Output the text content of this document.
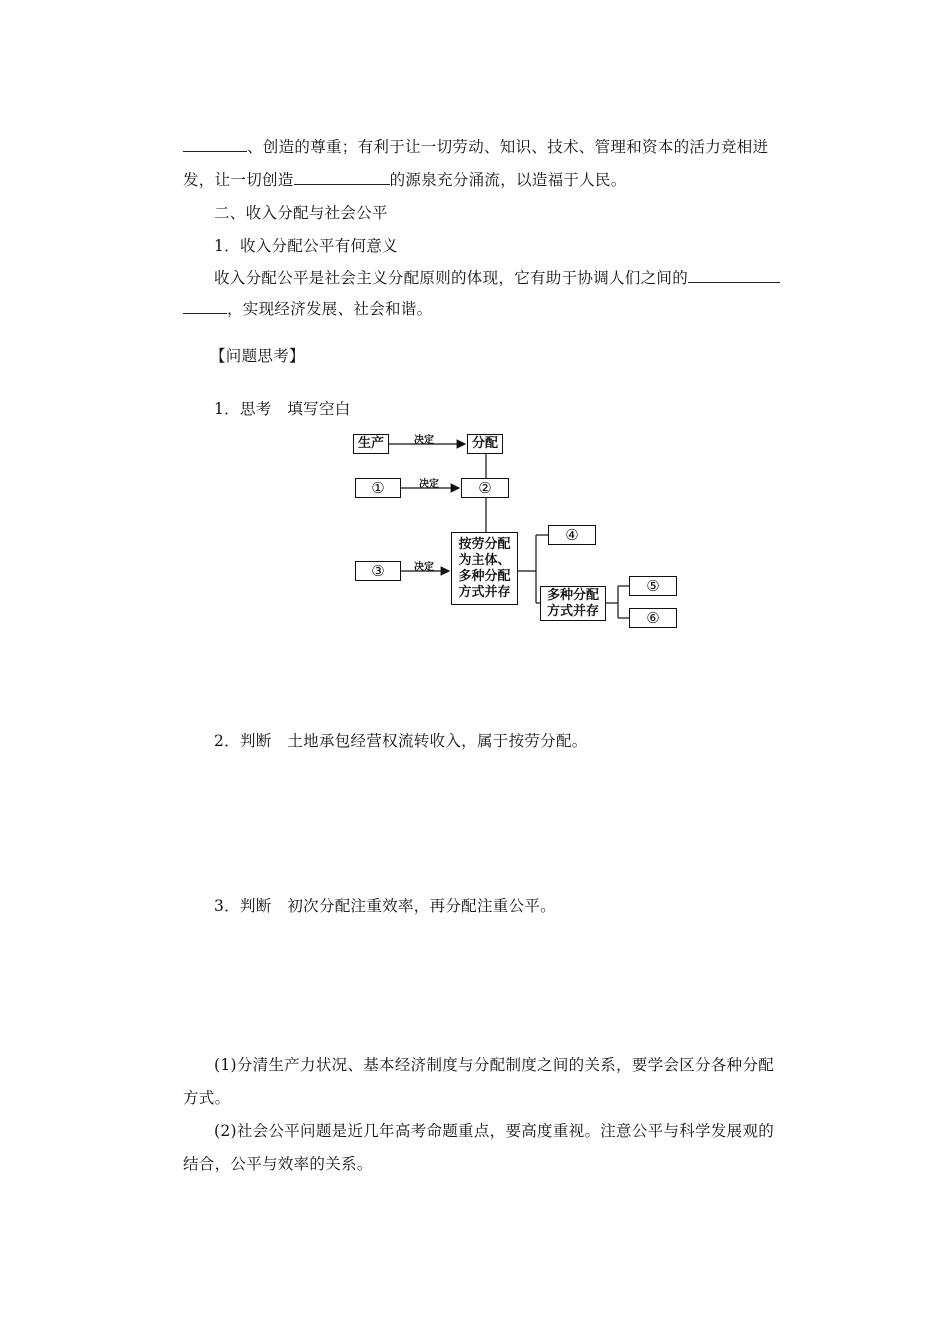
、创造的尊重；有利于让一切劳动、知识、技术、管理和资本的活力竞相迸
发，让一切创造	的源泉充分涌流，以造福于人民。
二、收入分配与社会公平
1．收入分配公平有何意义
收入分配公平是社会主义分配原则的体现，它有助于协调人们之间的
，实现经济发展、社会和谐。
【问题思考】
1．思考　填写空白
生产	分配
①	②
③
按劳分配
为主体、
多种分配
方式并存
④
多种分配
方式并存
⑤
⑥
决定
决定
决定
2．判断　土地承包经营权流转收入，属于按劳分配。
3．判断　初次分配注重效率，再分配注重公平。
(1)分清生产力状况、基本经济制度与分配制度之间的关系，要学会区分各种分配
方式。
(2)社会公平问题是近几年高考命题重点，要高度重视。注意公平与科学发展观的
结合，公平与效率的关系。
